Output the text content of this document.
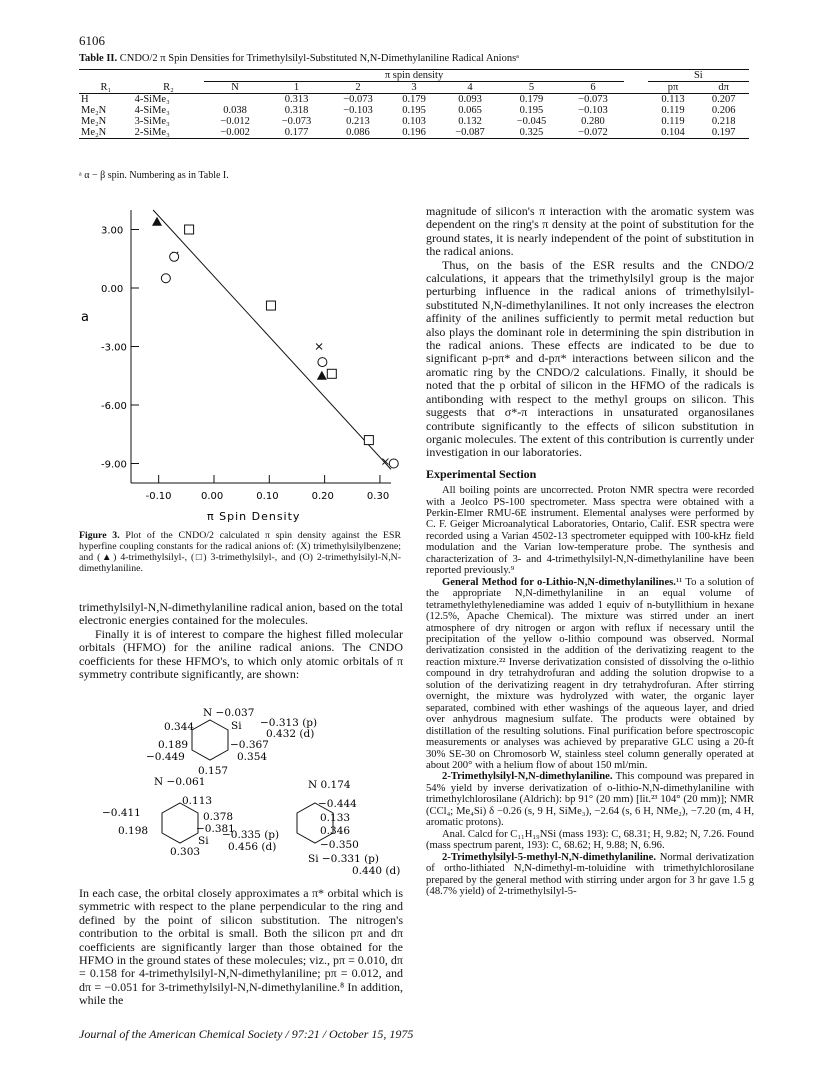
6106
Table II. CNDO/2 π Spin Densities for Trimethylsilyl-Substituted N,N-Dimethylaniline Radical Anionsᵃ
		π spin density								Si	
R₁	R₂	N	1	2	3	4	5	6		pπ	dπ
H	4-SiMe₃		0.313	−0.073	0.179	0.093	0.179	−0.073		0.113	0.207
Me₂N	4-SiMe₃	0.038	0.318	−0.103	0.195	0.065	0.195	−0.103		0.119	0.206
Me₂N	3-SiMe₃	−0.012	−0.073	0.213	0.103	0.132	−0.045	0.280		0.119	0.218
Me₂N	2-SiMe₃	−0.002	0.177	0.086	0.196	−0.087	0.325	−0.072		0.104	0.197
ᵃ α − β spin. Numbering as in Table I.
3.00
0.00
-3.00
-6.00
-9.00
-0.10	0.00	0.10	0.20	0.30
a
π Spin Density
Figure 3. Plot of the CNDO/2 calculated π spin density against the ESR hyperfine coupling constants for the radical anions of: (X) trimethylsilylbenzene; and (▲) 4-trimethylsilyl-, (□) 3-trimethylsilyl-, and (O) 2-trimethylsilyl-N,N-dimethylaniline.

trimethylsilyl-N,N-dimethylaniline radical anion, based on the total electronic energies contained for the molecules.

Finally it is of interest to compare the highest filled molecular orbitals (HFMO) for the aniline radical anions. The CNDO coefficients for these HFMO's, to which only atomic orbitals of π symmetry contribute significantly, are shown:

N −0.037
0.344	Si −0.313 (p)
0.432 (d)
0.189	−0.367
−0.449	0.354
0.157
N −0.061
0.113
−0.411	0.378
0.198	−0.381
Si −0.335 (p)
0.456 (d)
0.303
N 0.174
−0.444
0.133
0.346
−0.350
Si −0.331 (p)
0.440 (d)

In each case, the orbital closely approximates a π* orbital which is symmetric with respect to the plane perpendicular to the ring and defined by the point of silicon substitution. The nitrogen's contribution to the orbital is small. Both the silicon pπ and dπ coefficients are significantly larger than those obtained for the HFMO in the ground states of these molecules; viz., pπ = 0.010, dπ = 0.158 for 4-trimethylsilyl-N,N-dimethylaniline; pπ = 0.012, and dπ = −0.051 for 3-trimethylsilyl-N,N-dimethylaniline.⁸ In addition, while the

magnitude of silicon's π interaction with the aromatic system was dependent on the ring's π density at the point of substitution for the ground states, it is nearly independent of the point of substitution in the radical anions.

Thus, on the basis of the ESR results and the CNDO/2 calculations, it appears that the trimethylsilyl group is the major perturbing influence in the radical anions of trimethylsilyl-substituted N,N-dimethylanilines. It not only increases the electron affinity of the anilines sufficiently to permit metal reduction but also plays the dominant role in determining the spin distribution in the radical anions. These effects are indicated to be due to significant p-pπ* and d-pπ* interactions between silicon and the aromatic ring by the CNDO/2 calculations. Finally, it should be noted that the p orbital of silicon in the HFMO of the radicals is antibonding with respect to the methyl groups on silicon. This suggests that σ*-π interactions in unsaturated organosilanes contribute significantly to the effects of silicon substitution in organic molecules. The extent of this contribution is currently under investigation in our laboratories.

Experimental Section

All boiling points are uncorrected. Proton NMR spectra were recorded with a Jeolco PS-100 spectrometer. Mass spectra were obtained with a Perkin-Elmer RMU-6E instrument. Elemental analyses were performed by C. F. Geiger Microanalytical Laboratories, Ontario, Calif. ESR spectra were recorded using a Varian 4502-13 spectrometer equipped with 100-kHz field modulation and the Varian low-temperature probe. The synthesis and characterization of 3- and 4-trimethylsilyl-N,N-dimethylaniline have been reported previously.⁹

General Method for o-Lithio-N,N-dimethylanilines.¹¹ To a solution of the appropriate N,N-dimethylaniline in an equal volume of tetramethylethylenediamine was added 1 equiv of n-butyllithium in hexane (12.5%, Apache Chemical). The mixture was stirred under an inert atmosphere of dry nitrogen or argon with reflux if necessary until the precipitation of the yellow o-lithio compound was observed. Normal derivatization consisted in the addition of the derivatizing reagent to the reaction mixture.²² Inverse derivatization consisted of dissolving the o-lithio compound in dry tetrahydrofuran and adding the solution dropwise to a solution of the derivatizing reagent in dry tetrahydrofuran. After stirring overnight, the mixture was hydrolyzed with water, the organic layer separated, combined with ether washings of the aqueous layer, and dried over anhydrous magnesium sulfate. The products were obtained by distillation of the resulting solutions. Final purification before spectroscopic measurements or analyses was achieved by preparative GLC using a 20-ft 30% SE-30 on Chromosorb W, stainless steel column generally operated at about 200° with a helium flow of about 150 ml/min.

2-Trimethylsilyl-N,N-dimethylaniline. This compound was prepared in 54% yield by inverse derivatization of o-lithio-N,N-dimethylaniline with trimethylchlorosilane (Aldrich): bp 91° (20 mm) [lit.²³ 104° (20 mm)]; NMR (CCl₄; Me₄Si) δ −0.26 (s, 9 H, SiMe₃), −2.64 (s, 6 H, NMe₂), −7.20 (m, 4 H, aromatic protons).

Anal. Calcd for C₁₁H₁₉NSi (mass 193): C, 68.31; H, 9.82; N, 7.26. Found (mass spectrum parent, 193): C, 68.62; H, 9.88; N, 6.96.

2-Trimethylsilyl-5-methyl-N,N-dimethylaniline. Normal derivatization of ortho-lithiated N,N-dimethyl-m-toluidine with trimethylchlorosilane prepared by the general method with stirring under argon for 3 hr gave 1.5 g (48.7% yield) of 2-trimethylsilyl-5-

Journal of the American Chemical Society / 97:21 / October 15, 1975
